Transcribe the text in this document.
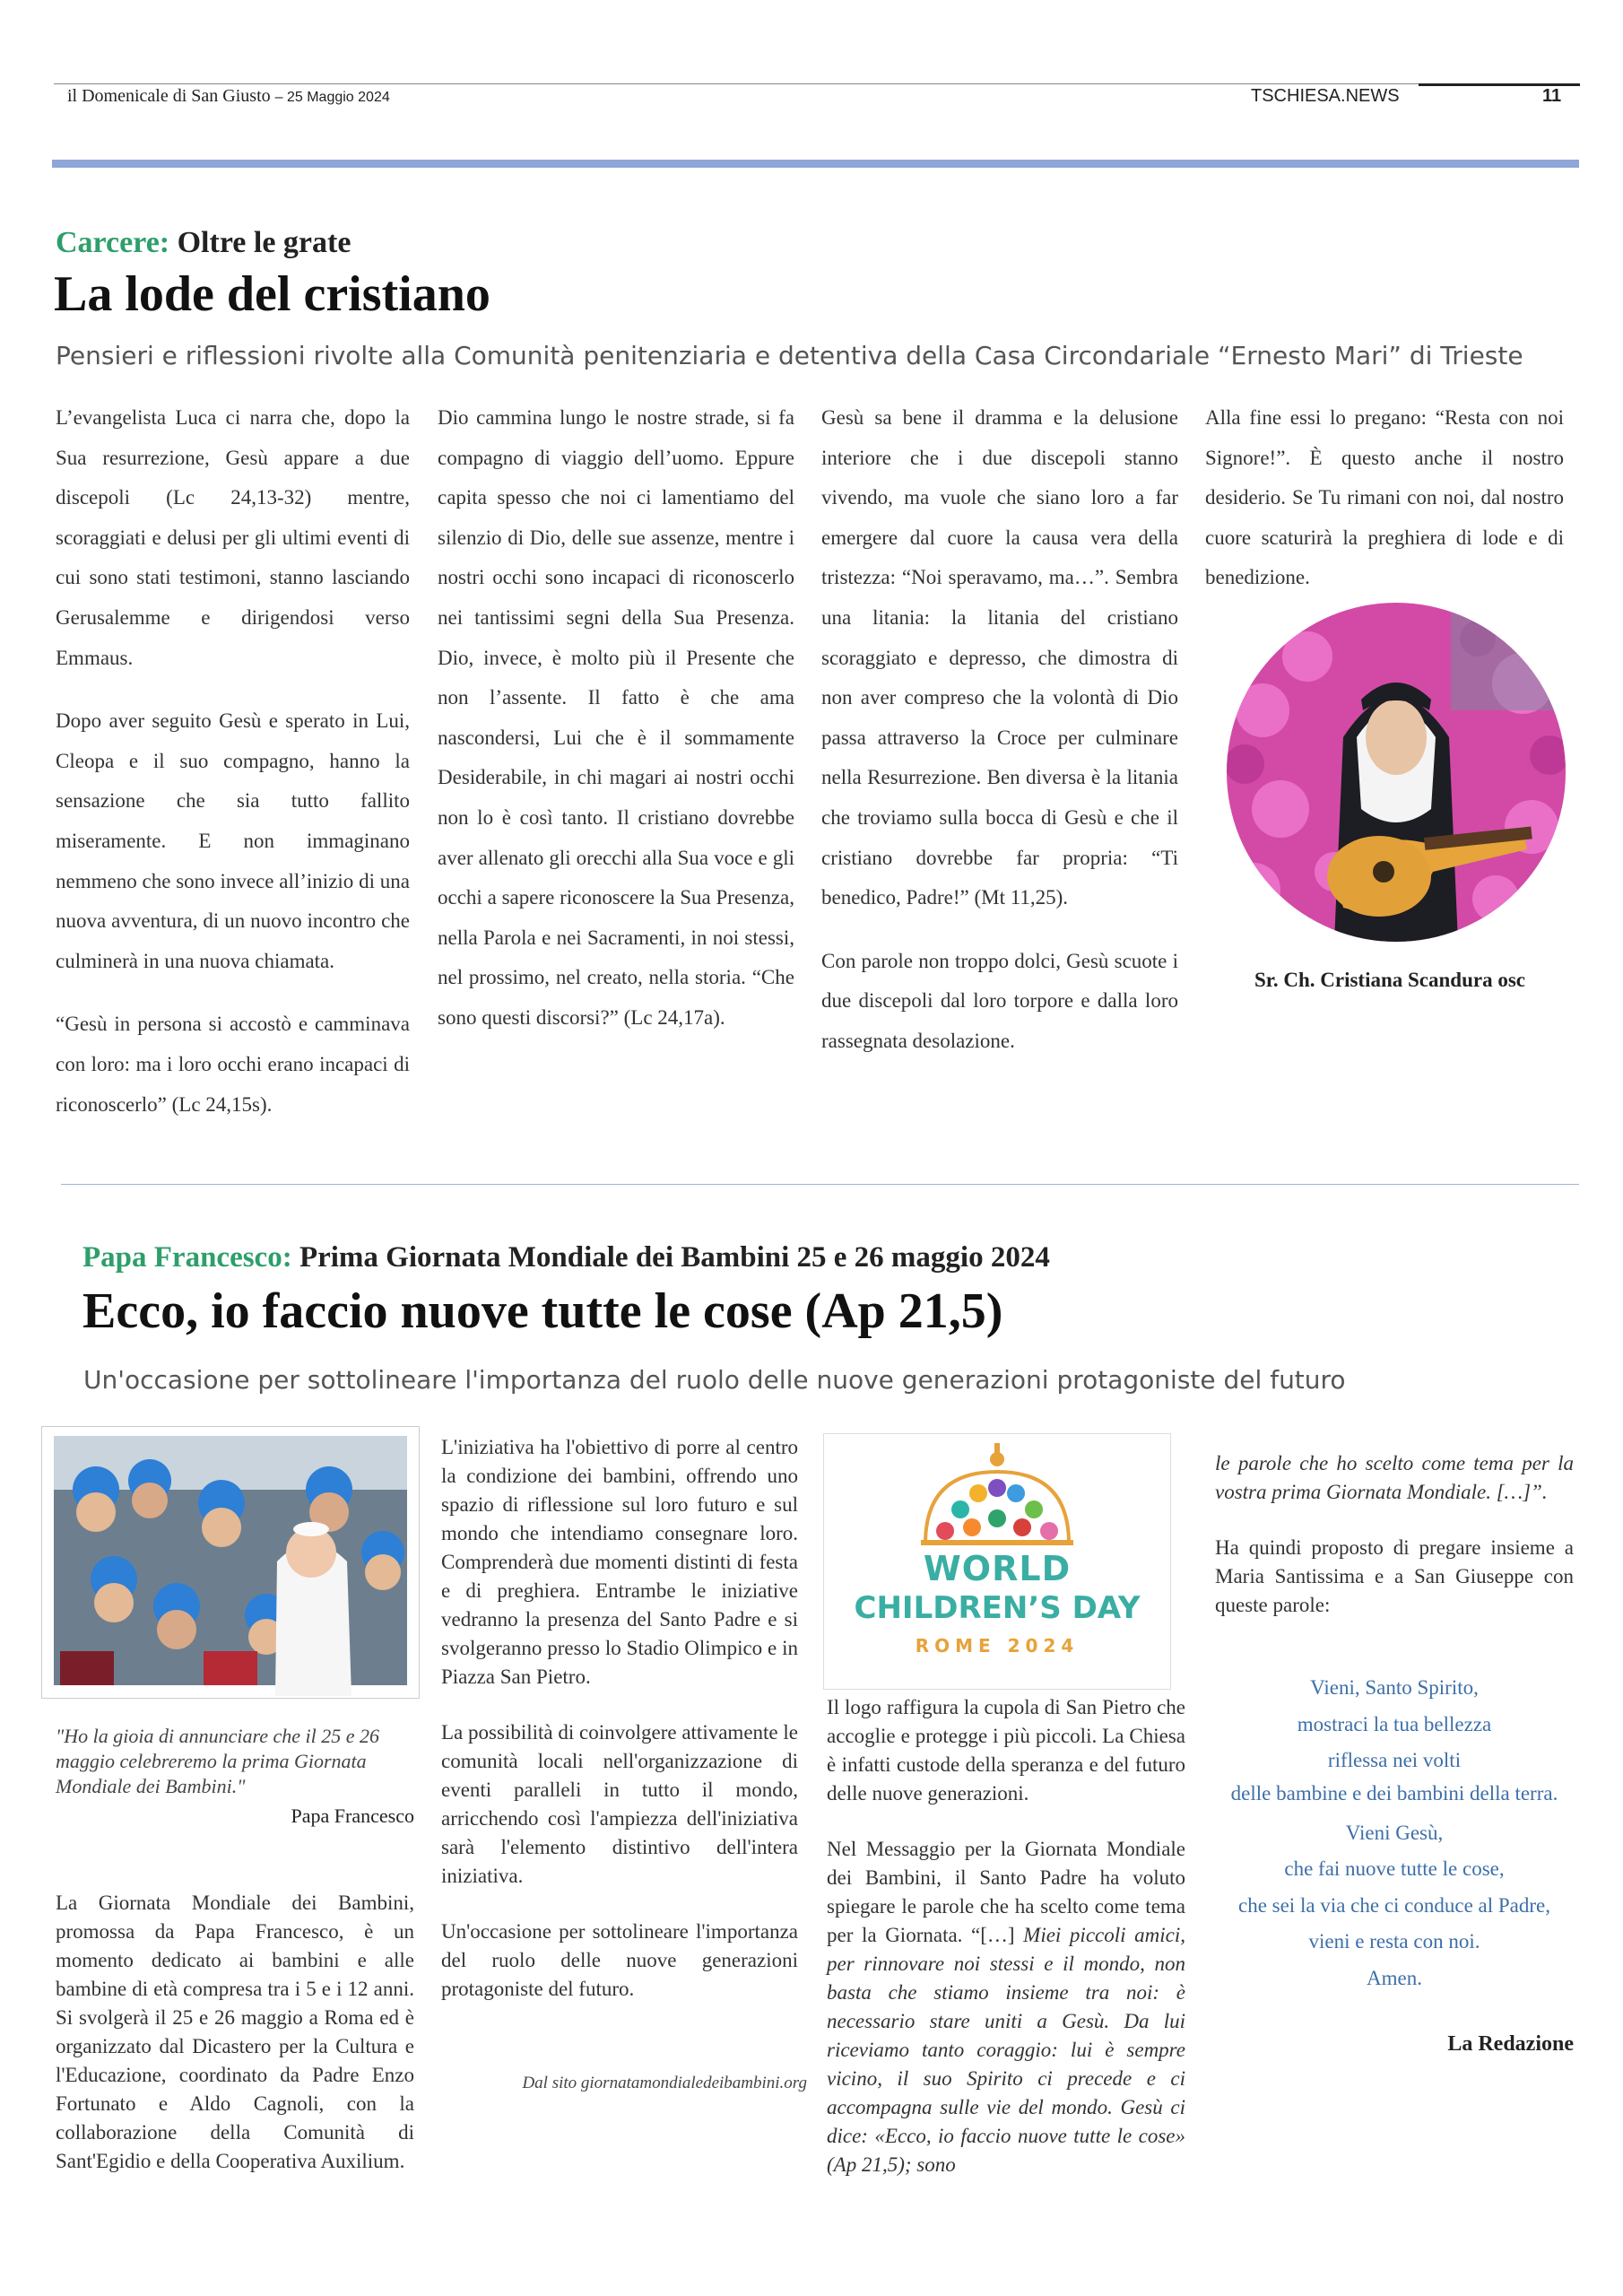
il Domenicale di San Giusto – 25 Maggio 2024	TSCHIESA.NEWS	11
Carcere: Oltre le grate
La lode del cristiano
Pensieri e riflessioni rivolte alla Comunità penitenziaria e detentiva della Casa Circondariale “Ernesto Mari” di Trieste

L’evangelista Luca ci narra che, dopo la Sua resurrezione, Gesù appare a due discepoli (Lc 24,13-32) mentre, scoraggiati e delusi per gli ultimi eventi di cui sono stati testimoni, stanno lasciando Gerusalemme e dirigendosi verso Emmaus.

Dopo aver seguito Gesù e sperato in Lui, Cleopa e il suo compagno, hanno la sensazione che sia tutto fallito miseramente. E non immaginano nemmeno che sono invece all’inizio di una nuova avventura, di un nuovo incontro che culminerà in una nuova chiamata.

“Gesù in persona si accostò e camminava con loro: ma i loro occhi erano incapaci di riconoscerlo” (Lc 24,15s).

Dio cammina lungo le nostre strade, si fa compagno di viaggio dell’uomo. Eppure capita spesso che noi ci lamentiamo del silenzio di Dio, delle sue assenze, mentre i nostri occhi sono incapaci di riconoscerlo nei tantissimi segni della Sua Presenza. Dio, invece, è molto più il Presente che non l’assente. Il fatto è che ama nascondersi, Lui che è il sommamente Desiderabile, in chi magari ai nostri occhi non lo è così tanto. Il cristiano dovrebbe aver allenato gli orecchi alla Sua voce e gli occhi a sapere riconoscere la Sua Presenza, nella Parola e nei Sacramenti, in noi stessi, nel prossimo, nel creato, nella storia. “Che sono questi discorsi?” (Lc 24,17a).

Gesù sa bene il dramma e la delusione interiore che i due discepoli stanno vivendo, ma vuole che siano loro a far emergere dal cuore la causa vera della tristezza: “Noi speravamo, ma…”. Sembra una litania: la litania del cristiano scoraggiato e depresso, che dimostra di non aver compreso che la volontà di Dio passa attraverso la Croce per culminare nella Resurrezione. Ben diversa è la litania che troviamo sulla bocca di Gesù e che il cristiano dovrebbe far propria: “Ti benedico, Padre!” (Mt 11,25).

Con parole non troppo dolci, Gesù scuote i due discepoli dal loro torpore e dalla loro rassegnata desolazione.

Alla fine essi lo pregano: “Resta con noi Signore!”. È questo anche il nostro desiderio. Se Tu rimani con noi, dal nostro cuore scaturirà la preghiera di lode e di benedizione.

Sr. Ch. Cristiana Scandura osc
Papa Francesco: Prima Giornata Mondiale dei Bambini 25 e 26 maggio 2024
Ecco, io faccio nuove tutte le cose (Ap 21,5)
Un'occasione per sottolineare l'importanza del ruolo delle nuove generazioni protagoniste del futuro
"Ho la gioia di annunciare che il 25 e 26 maggio celebreremo la prima Giornata Mondiale dei Bambini."
Papa Francesco

La Giornata Mondiale dei Bambini, promossa da Papa Francesco, è un momento dedicato ai bambini e alle bambine di età compresa tra i 5 e i 12 anni. Si svolgerà il 25 e 26 maggio a Roma ed è organizzato dal Dicastero per la Cultura e l'Educazione, coordinato da Padre Enzo Fortunato e Aldo Cagnoli, con la collaborazione della Comunità di Sant'Egidio e della Cooperativa Auxilium.

L'iniziativa ha l'obiettivo di porre al centro la condizione dei bambini, offrendo uno spazio di riflessione sul loro futuro e sul mondo che intendiamo consegnare loro. Comprenderà due momenti distinti di festa e di preghiera. Entrambe le iniziative vedranno la presenza del Santo Padre e si svolgeranno presso lo Stadio Olimpico e in Piazza San Pietro.

La possibilità di coinvolgere attivamente le comunità locali nell'organizzazione di eventi paralleli in tutto il mondo, arricchendo così l'ampiezza dell'iniziativa sarà l'elemento distintivo dell'intera iniziativa.

Un'occasione per sottolineare l'importanza del ruolo delle nuove generazioni protagoniste del futuro.

Dal sito giornatamondialedeibambini.org
WORLD
CHILDREN’S DAY
ROME 2024

Il logo raffigura la cupola di San Pietro che accoglie e protegge i più piccoli. La Chiesa è infatti custode della speranza e del futuro delle nuove generazioni.

Nel Messaggio per la Giornata Mondiale dei Bambini, il Santo Padre ha voluto spiegare le parole che ha scelto come tema per la Giornata. “[…] Miei piccoli amici, per rinnovare noi stessi e il mondo, non basta che stiamo insieme tra noi: è necessario stare uniti a Gesù. Da lui riceviamo tanto coraggio: lui è sempre vicino, il suo Spirito ci precede e ci accompagna sulle vie del mondo. Gesù ci dice: «Ecco, io faccio nuove tutte le cose» (Ap 21,5); sono

le parole che ho scelto come tema per la vostra prima Giornata Mondiale. […]”.

Ha quindi proposto di pregare insieme a Maria Santissima e a San Giuseppe con queste parole:

Vieni, Santo Spirito,
mostraci la tua bellezza
riflessa nei volti
delle bambine e dei bambini della terra.
Vieni Gesù,
che fai nuove tutte le cose,
che sei la via che ci conduce al Padre,
vieni e resta con noi.
Amen.
La Redazione
